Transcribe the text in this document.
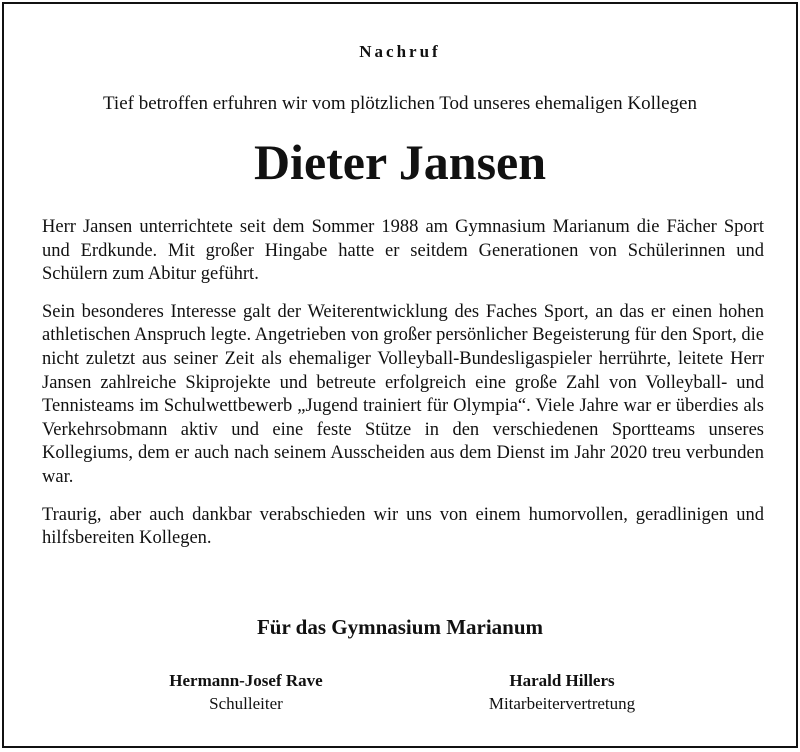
Nachruf
Tief betroffen erfuhren wir vom plötzlichen Tod unseres ehemaligen Kollegen
Dieter Jansen

Herr Jansen unterrichtete seit dem Sommer 1988 am Gymnasium Marianum die Fächer Sport und Erdkunde. Mit großer Hingabe hatte er seitdem Generationen von Schülerinnen und Schülern zum Abitur geführt.

Sein besonderes Interesse galt der Weiterentwicklung des Faches Sport, an das er einen hohen athletischen Anspruch legte. Angetrieben von großer persönlicher Begeisterung für den Sport, die nicht zuletzt aus seiner Zeit als ehemaliger Volleyball-Bundesligaspieler herrührte, leitete Herr Jansen zahlreiche Skiprojekte und betreute erfolgreich eine große Zahl von Volleyball- und Tennisteams im Schulwettbewerb „Jugend trainiert für Olympia“. Viele Jahre war er überdies als Verkehrsobmann aktiv und eine feste Stütze in den verschiedenen Sportteams unseres Kollegiums, dem er auch nach seinem Ausscheiden aus dem Dienst im Jahr 2020 treu verbunden war.

Traurig, aber auch dankbar verabschieden wir uns von einem humorvollen, geradlinigen und hilfsbereiten Kollegen.

Für das Gymnasium Marianum
Hermann-Josef Rave
Schulleiter
Harald Hillers
Mitarbeitervertretung
